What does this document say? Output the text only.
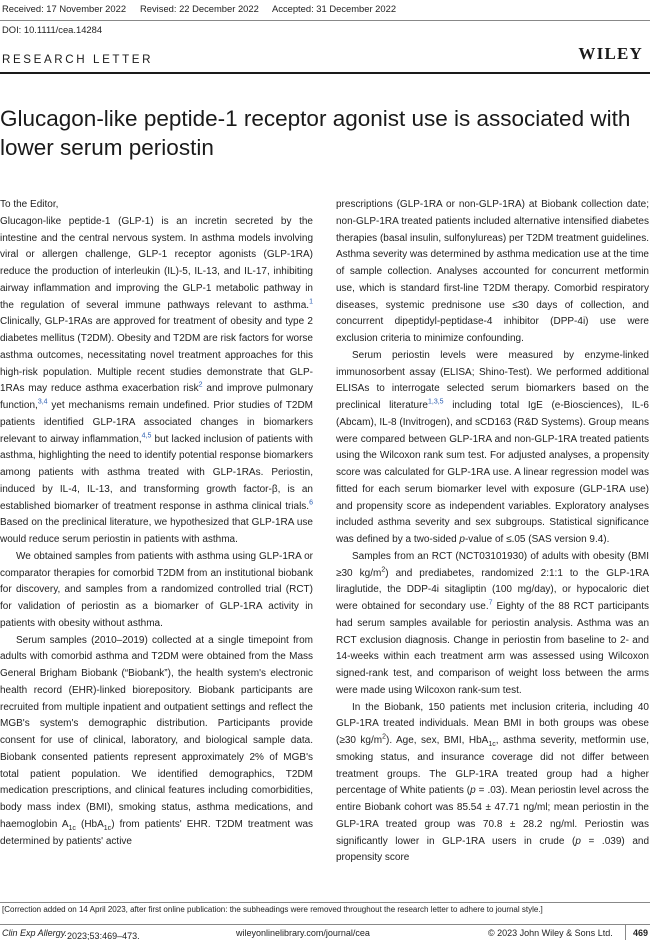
Received: 17 November 2022 Revised: 22 December 2022 Accepted: 31 December 2022
DOI: 10.1111/cea.14284
RESEARCH LETTER	WILEY
Glucagon-like peptide-1 receptor agonist use is associated with lower serum periostin

To the Editor,

Glucagon-like peptide-1 (GLP-1) is an incretin secreted by the intestine and the central nervous system. In asthma models involving viral or allergen challenge, GLP-1 receptor agonists (GLP-1RA) reduce the production of interleukin (IL)-5, IL-13, and IL-17, inhibiting airway inflammation and improving the GLP-1 metabolic pathway in the regulation of several immune pathways relevant to asthma.$^1$ Clinically, GLP-1RAs are approved for treatment of obesity and type 2 diabetes mellitus (T2DM). Obesity and T2DM are risk factors for worse asthma outcomes, necessitating novel treatment approaches for this high-risk population. Multiple recent studies demonstrate that GLP-1RAs may reduce asthma exacerbation risk$^2$ and improve pulmonary function,$^{3,4}$ yet mechanisms remain undefined. Prior studies of T2DM patients identified GLP-1RA associated changes in biomarkers relevant to airway inflammation,$^{4,5}$ but lacked inclusion of patients with asthma, highlighting the need to identify potential response biomarkers among patients with asthma treated with GLP-1RAs. Periostin, induced by IL-4, IL-13, and transforming growth factor-β, is an established biomarker of treatment response in asthma clinical trials.$^6$ Based on the preclinical literature, we hypothesized that GLP-1RA use would reduce serum periostin in patients with asthma.

We obtained samples from patients with asthma using GLP-1RA or comparator therapies for comorbid T2DM from an institutional biobank for discovery, and samples from a randomized controlled trial (RCT) for validation of periostin as a biomarker of GLP-1RA activity in patients with obesity without asthma.

Serum samples (2010–2019) collected at a single timepoint from adults with comorbid asthma and T2DM were obtained from the Mass General Brigham Biobank (“Biobank”), the health system's electronic health record (EHR)-linked biorepository. Biobank participants are recruited from multiple inpatient and outpatient settings and reflect the MGB's system's demographic distribution. Participants provide consent for use of clinical, laboratory, and biological sample data. Biobank consented patients represent approximately 2% of MGB's total patient population. We identified demographics, T2DM medication prescriptions, and clinical features including comorbidities, body mass index (BMI), smoking status, asthma medications, and haemoglobin $A_{1c}$ (HbA$_{1c}$) from patients' EHR. T2DM treatment was determined by patients' active

prescriptions (GLP-1RA or non-GLP-1RA) at Biobank collection date; non-GLP-1RA treated patients included alternative intensified diabetes therapies (basal insulin, sulfonylureas) per T2DM treatment guidelines. Asthma severity was determined by asthma medication use at the time of sample collection. Analyses accounted for concurrent metformin use, which is standard first-line T2DM therapy. Comorbid respiratory diseases, systemic prednisone use ≤30 days of collection, and concurrent dipeptidyl-peptidase-4 inhibitor (DPP-4i) use were exclusion criteria to minimize confounding.

Serum periostin levels were measured by enzyme-linked immunosorbent assay (ELISA; Shino-Test). We performed additional ELISAs to interrogate selected serum biomarkers based on the preclinical literature$^{1,3,5}$ including total IgE (e-Biosciences), IL-6 (Abcam), IL-8 (Invitrogen), and sCD163 (R&D Systems). Group means were compared between GLP-1RA and non-GLP-1RA treated patients using the Wilcoxon rank sum test. For adjusted analyses, a propensity score was calculated for GLP-1RA use. A linear regression model was fitted for each serum biomarker level with exposure (GLP-1RA use) and propensity score as independent variables. Exploratory analyses included asthma severity and sex subgroups. Statistical significance was defined by a two-sided p-value of ≤.05 (SAS version 9.4).

Samples from an RCT (NCT03101930) of adults with obesity (BMI ≥30 $kg/m^2$) and prediabetes, randomized 2:1:1 to the GLP-1RA liraglutide, the DDP-4i sitagliptin (100 mg/day), or hypocaloric diet were obtained for secondary use.$^7$ Eighty of the 88 RCT participants had serum samples available for periostin analysis. Asthma was an RCT exclusion diagnosis. Change in periostin from baseline to 2- and 14-weeks within each treatment arm was assessed using Wilcoxon signed-rank test, and comparison of weight loss between the arms were made using Wilcoxon rank-sum test.

In the Biobank, 150 patients met inclusion criteria, including 40 GLP-1RA treated individuals. Mean BMI in both groups was obese (≥30 $kg/m^2$). Age, sex, BMI, HbA$_{1c}$, asthma severity, metformin use, smoking status, and insurance coverage did not differ between treatment groups. The GLP-1RA treated group had a higher percentage of White patients (p = .03). Mean periostin level across the entire Biobank cohort was 85.54 ± 47.71 ng/ml; mean periostin in the GLP-1RA treated group was 70.8 ± 28.2 ng/ml. Periostin was significantly lower in GLP-1RA users in crude (p = .039) and propensity score

[Correction added on 14 April 2023, after first online publication: the subheadings were removed throughout the research letter to adhere to journal style.]
Clin Exp Allergy. 2023;53:469–473.	wileyonlinelibrary.com/journal/cea	© 2023 John Wiley & Sons Ltd. 469
